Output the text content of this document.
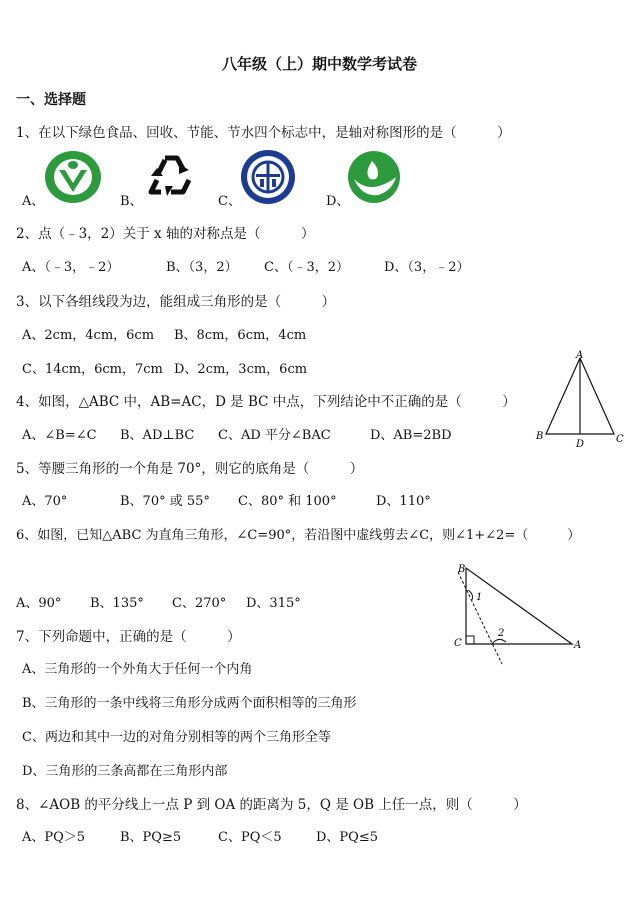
八年级（上）期中数学考试卷
一、选择题
1、在以下绿色食品、回收、节能、节水四个标志中，是轴对称图形的是（　　　）
A、	B、	C、	D、
2、点（﹣3，2）关于 x 轴的对称点是（　　　）
A、（﹣3，﹣2）	B、（3，2） C、（﹣3，2）	D、（3，﹣2）
3、以下各组线段为边，能组成三角形的是（　　　）
A、2cm，4cm，6cm B、8cm，6cm，4cm
C、14cm，6cm，7cm D、2cm，3cm，6cm
4、如图，△ABC 中，AB=AC，D 是 BC 中点，下列结论中不正确的是（　　　）
A、∠B=∠C B、AD⊥BC C、AD 平分∠BAC	D、AB=2BD
A
B	C
D
5、等腰三角形的一个角是 70°，则它的底角是（　　　）
A、70°	B、70° 或 55° C、80° 和 100°	D、110°
6、如图，已知△ABC 为直角三角形，∠C=90°，若沿图中虚线剪去∠C，则∠1+∠2=（　　　）
A、90° B、135° C、270° D、315°
B
C	A
1
2
7、下列命题中，正确的是（　　　）
A、三角形的一个外角大于任何一个内角
B、三角形的一条中线将三角形分成两个面积相等的三角形
C、两边和其中一边的对角分别相等的两个三角形全等
D、三角形的三条高都在三角形内部
8、∠AOB 的平分线上一点 P 到 OA 的距离为 5，Q 是 OB 上任一点，则（　　　）
A、PQ＞5	B、PQ≥5	C、PQ＜5	D、PQ≤5
